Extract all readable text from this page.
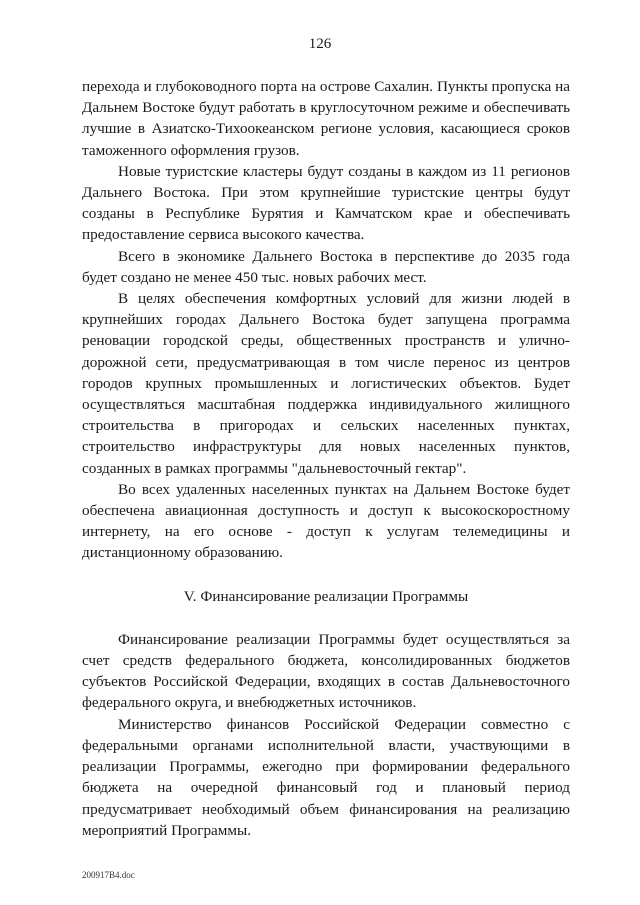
126

перехода и глубоководного порта на острове Сахалин. Пункты пропуска на Дальнем Востоке будут работать в круглосуточном режиме и обеспечивать лучшие в Азиатско-Тихоокеанском регионе условия, касающиеся сроков таможенного оформления грузов.

Новые туристские кластеры будут созданы в каждом из 11 регионов Дальнего Востока. При этом крупнейшие туристские центры будут созданы в Республике Бурятия и Камчатском крае и обеспечивать предоставление сервиса высокого качества.

Всего в экономике Дальнего Востока в перспективе до 2035 года будет создано не менее 450 тыс. новых рабочих мест.

В целях обеспечения комфортных условий для жизни людей в крупнейших городах Дальнего Востока будет запущена программа реновации городской среды, общественных пространств и улично-дорожной сети, предусматривающая в том числе перенос из центров городов крупных промышленных и логистических объектов. Будет осуществляться масштабная поддержка индивидуального жилищного строительства в пригородах и сельских населенных пунктах, строительство инфраструктуры для новых населенных пунктов, созданных в рамках программы "дальневосточный гектар".

Во всех удаленных населенных пунктах на Дальнем Востоке будет обеспечена авиационная доступность и доступ к высокоскоростному интернету, на его основе - доступ к услугам телемедицины и дистанционному образованию.

V. Финансирование реализации Программы

Финансирование реализации Программы будет осуществляться за счет средств федерального бюджета, консолидированных бюджетов субъектов Российской Федерации, входящих в состав Дальневосточного федерального округа, и внебюджетных источников.

Министерство финансов Российской Федерации совместно с федеральными органами исполнительной власти, участвующими в реализации Программы, ежегодно при формировании федерального бюджета на очередной финансовый год и плановый период предусматривает необходимый объем финансирования на реализацию мероприятий Программы.

200917В4.doc
